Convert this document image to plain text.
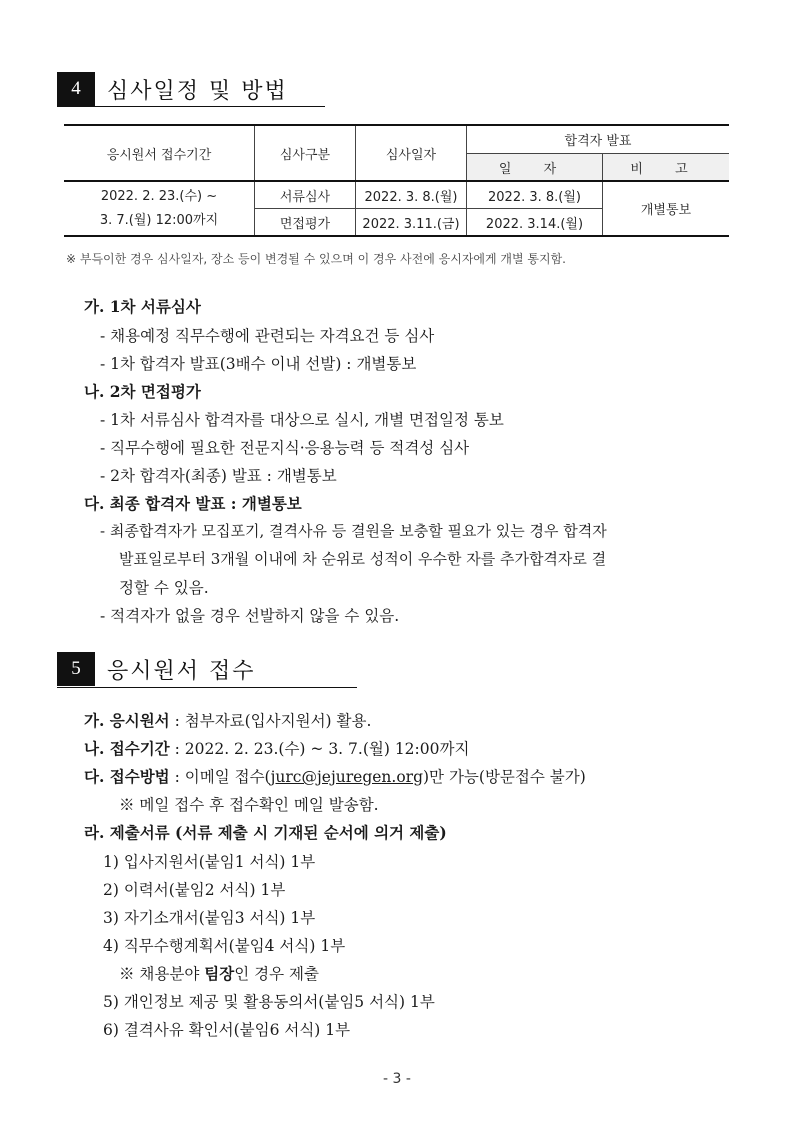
4	심사일정 및 방법
응시원서 접수기간	심사구분	심사일자	합격자 발표	
			일 자	비 고

2022. 2. 23.(수) ~
3. 7.(월) 12:00까지	서류심사	2022. 3. 8.(월)	2022. 3. 8.(월)	개별통보
	면접평가	2022. 3.11.(금)	2022. 3.14.(월)	
※ 부득이한 경우 심사일자, 장소 등이 변경될 수 있으며 이 경우 사전에 응시자에게 개별 통지함.
가. 1차 서류심사
- 채용예정 직무수행에 관련되는 자격요건 등 심사
- 1차 합격자 발표(3배수 이내 선발) : 개별통보
나. 2차 면접평가
- 1차 서류심사 합격자를 대상으로 실시, 개별 면접일정 통보
- 직무수행에 필요한 전문지식·응용능력 등 적격성 심사
- 2차 합격자(최종) 발표 : 개별통보
다. 최종 합격자 발표 : 개별통보
- 최종합격자가 모집포기, 결격사유 등 결원을 보충할 필요가 있는 경우 합격자
발표일로부터 3개월 이내에 차 순위로 성적이 우수한 자를 추가합격자로 결
정할 수 있음.
- 적격자가 없을 경우 선발하지 않을 수 있음.
5	응시원서 접수
가. 응시원서 : 첨부자료(입사지원서) 활용.
나. 접수기간 : 2022. 2. 23.(수) ~ 3. 7.(월) 12:00까지
다. 접수방법 : 이메일 접수(jurc@jejuregen.org)만 가능(방문접수 불가)
※ 메일 접수 후 접수확인 메일 발송함.
라. 제출서류 (서류 제출 시 기재된 순서에 의거 제출)
1) 입사지원서(붙임1 서식) 1부
2) 이력서(붙임2 서식) 1부
3) 자기소개서(붙임3 서식) 1부
4) 직무수행계획서(붙임4 서식) 1부
※ 채용분야 팀장인 경우 제출
5) 개인정보 제공 및 활용동의서(붙임5 서식) 1부
6) 결격사유 확인서(붙임6 서식) 1부
- 3 -
